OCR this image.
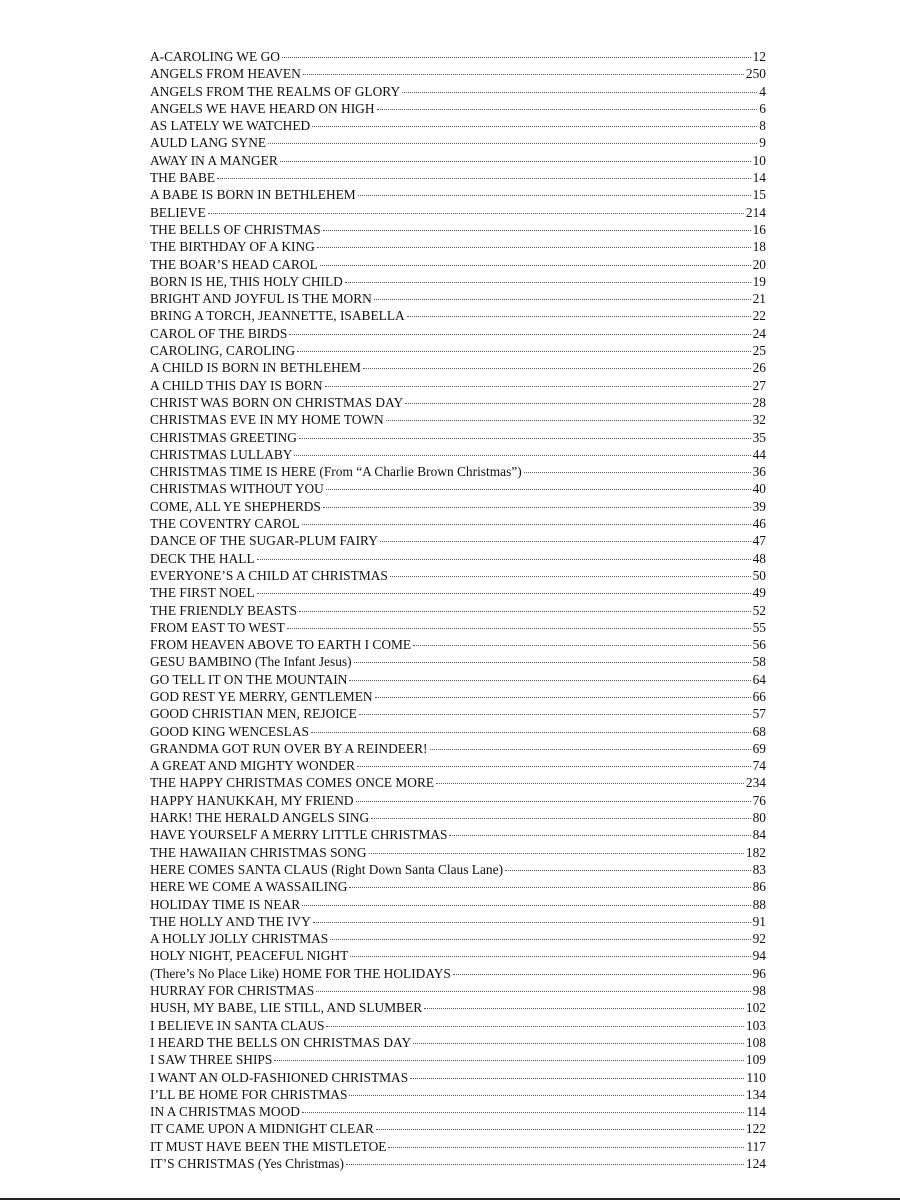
A-CAROLING WE GO	12
ANGELS FROM HEAVEN	250
ANGELS FROM THE REALMS OF GLORY	4
ANGELS WE HAVE HEARD ON HIGH	6
AS LATELY WE WATCHED	8
AULD LANG SYNE	9
AWAY IN A MANGER	10
THE BABE	14
A BABE IS BORN IN BETHLEHEM	15
BELIEVE	214
THE BELLS OF CHRISTMAS	16
THE BIRTHDAY OF A KING	18
THE BOAR’S HEAD CAROL	20
BORN IS HE, THIS HOLY CHILD	19
BRIGHT AND JOYFUL IS THE MORN	21
BRING A TORCH, JEANNETTE, ISABELLA	22
CAROL OF THE BIRDS	24
CAROLING, CAROLING	25
A CHILD IS BORN IN BETHLEHEM	26
A CHILD THIS DAY IS BORN	27
CHRIST WAS BORN ON CHRISTMAS DAY	28
CHRISTMAS EVE IN MY HOME TOWN	32
CHRISTMAS GREETING	35
CHRISTMAS LULLABY	44
CHRISTMAS TIME IS HERE (From “A Charlie Brown Christmas”)	36
CHRISTMAS WITHOUT YOU	40
COME, ALL YE SHEPHERDS	39
THE COVENTRY CAROL	46
DANCE OF THE SUGAR-PLUM FAIRY	47
DECK THE HALL	48
EVERYONE’S A CHILD AT CHRISTMAS	50
THE FIRST NOEL	49
THE FRIENDLY BEASTS	52
FROM EAST TO WEST	55
FROM HEAVEN ABOVE TO EARTH I COME	56
GESU BAMBINO (The Infant Jesus)	58
GO TELL IT ON THE MOUNTAIN	64
GOD REST YE MERRY, GENTLEMEN	66
GOOD CHRISTIAN MEN, REJOICE	57
GOOD KING WENCESLAS	68
GRANDMA GOT RUN OVER BY A REINDEER!	69
A GREAT AND MIGHTY WONDER	74
THE HAPPY CHRISTMAS COMES ONCE MORE	234
HAPPY HANUKKAH, MY FRIEND	76
HARK! THE HERALD ANGELS SING	80
HAVE YOURSELF A MERRY LITTLE CHRISTMAS	84
THE HAWAIIAN CHRISTMAS SONG	182
HERE COMES SANTA CLAUS (Right Down Santa Claus Lane)	83
HERE WE COME A WASSAILING	86
HOLIDAY TIME IS NEAR	88
THE HOLLY AND THE IVY	91
A HOLLY JOLLY CHRISTMAS	92
HOLY NIGHT, PEACEFUL NIGHT	94
(There’s No Place Like) HOME FOR THE HOLIDAYS	96
HURRAY FOR CHRISTMAS	98
HUSH, MY BABE, LIE STILL, AND SLUMBER	102
I BELIEVE IN SANTA CLAUS	103
I HEARD THE BELLS ON CHRISTMAS DAY	108
I SAW THREE SHIPS	109
I WANT AN OLD-FASHIONED CHRISTMAS	110
I’LL BE HOME FOR CHRISTMAS	134
IN A CHRISTMAS MOOD	114
IT CAME UPON A MIDNIGHT CLEAR	122
IT MUST HAVE BEEN THE MISTLETOE	117
IT’S CHRISTMAS (Yes Christmas)	124
